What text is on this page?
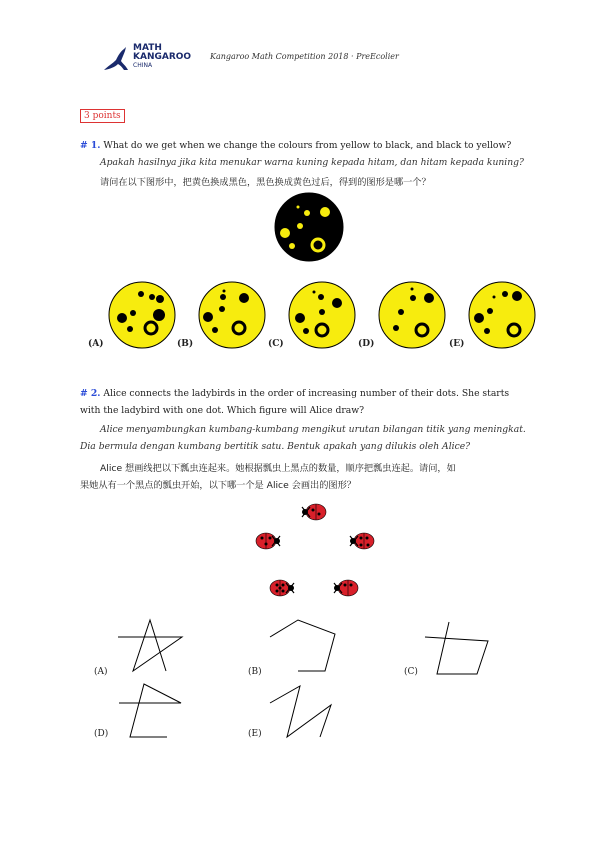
MATH
KANGAROO
CHINA
Kangaroo Math Competition 2018 · PreEcolier
3 points
# 1. What do we get when we change the colours from yellow to black, and black to yellow?
Apakah hasilnya jika kita menukar warna kuning kepada hitam, dan hitam kepada kuning?
请问在以下图形中，把黄色换成黑色，黑色换成黄色过后，得到的图形是哪一个？
(A)	(B)	(C)	(D)	(E)
# 2. Alice connects the ladybirds in the order of increasing number of their dots. She starts
with the ladybird with one dot. Which figure will Alice draw?
Alice menyambungkan kumbang-kumbang mengikut urutan bilangan titik yang meningkat.
Dia bermula dengan kumbang bertitik satu. Bentuk apakah yang dilukis oleh Alice?
Alice 想画线把以下瓢虫连起来。她根据瓢虫上黑点的数量，顺序把瓢虫连起。请问，如
果她从有一个黑点的瓢虫开始，以下哪一个是 Alice 会画出的图形？
(A)	(B)	(C)
(D)	(E)
